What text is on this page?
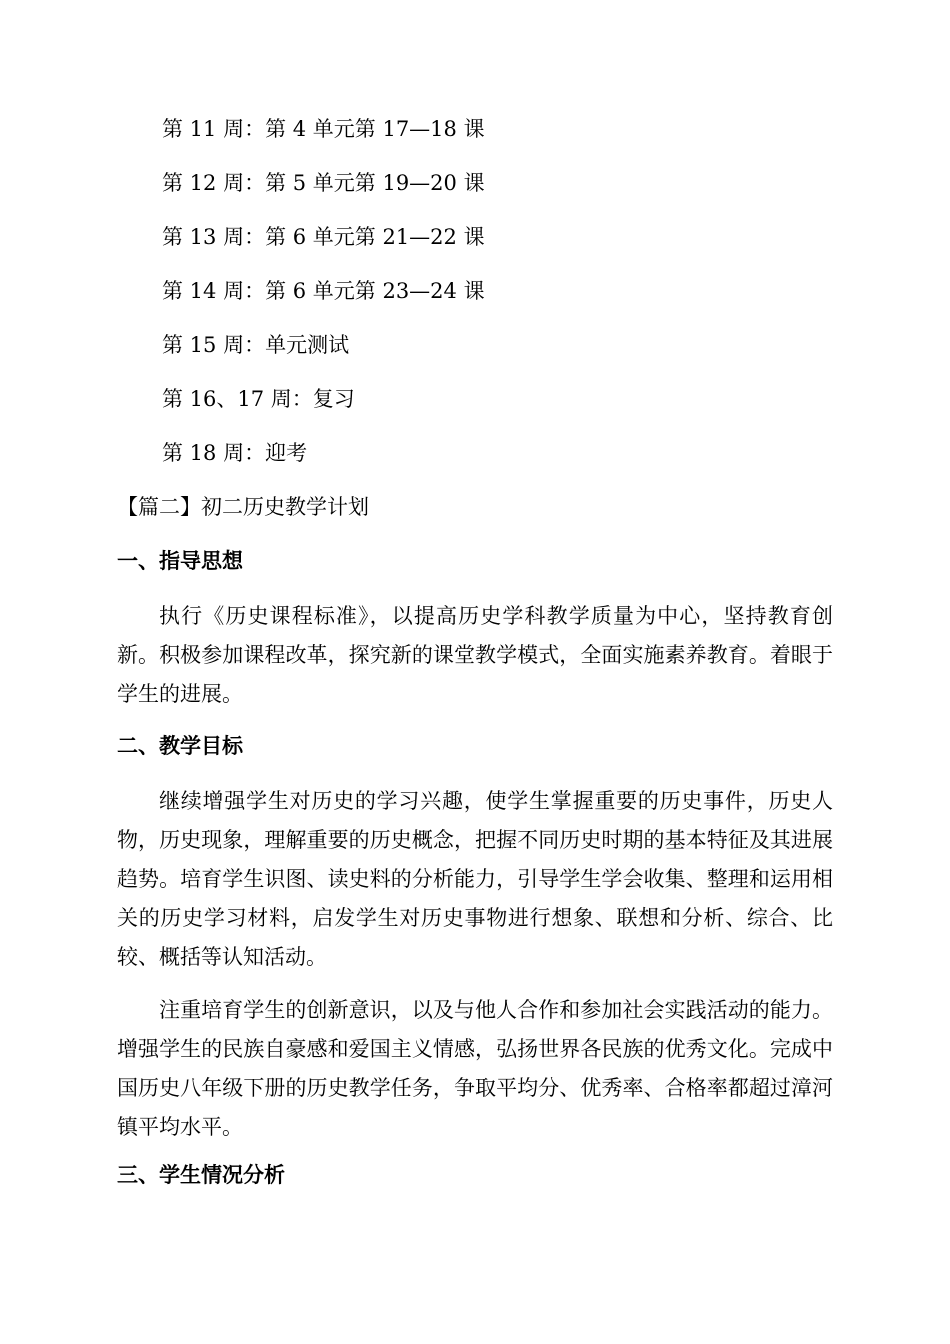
第 11 周：第 4 单元第 17—18 课
第 12 周：第 5 单元第 19—20 课
第 13 周：第 6 单元第 21—22 课
第 14 周：第 6 单元第 23—24 课
第 15 周：单元测试
第 16、17 周：复习
第 18 周：迎考
【篇二】初二历史教学计划
一、指导思想
执行《历史课程标准》，以提高历史学科教学质量为中心，坚持教育创新。积极参加课程改革，探究新的课堂教学模式，全面实施素养教育。着眼于学生的进展。
二、教学目标
继续增强学生对历史的学习兴趣，使学生掌握重要的历史事件，历史人物，历史现象，理解重要的历史概念，把握不同历史时期的基本特征及其进展趋势。培育学生识图、读史料的分析能力，引导学生学会收集、整理和运用相关的历史学习材料，启发学生对历史事物进行想象、联想和分析、综合、比较、概括等认知活动。
注重培育学生的创新意识，以及与他人合作和参加社会实践活动的能力。增强学生的民族自豪感和爱国主义情感，弘扬世界各民族的优秀文化。完成中国历史八年级下册的历史教学任务，争取平均分、优秀率、合格率都超过漳河镇平均水平。
三、学生情况分析
